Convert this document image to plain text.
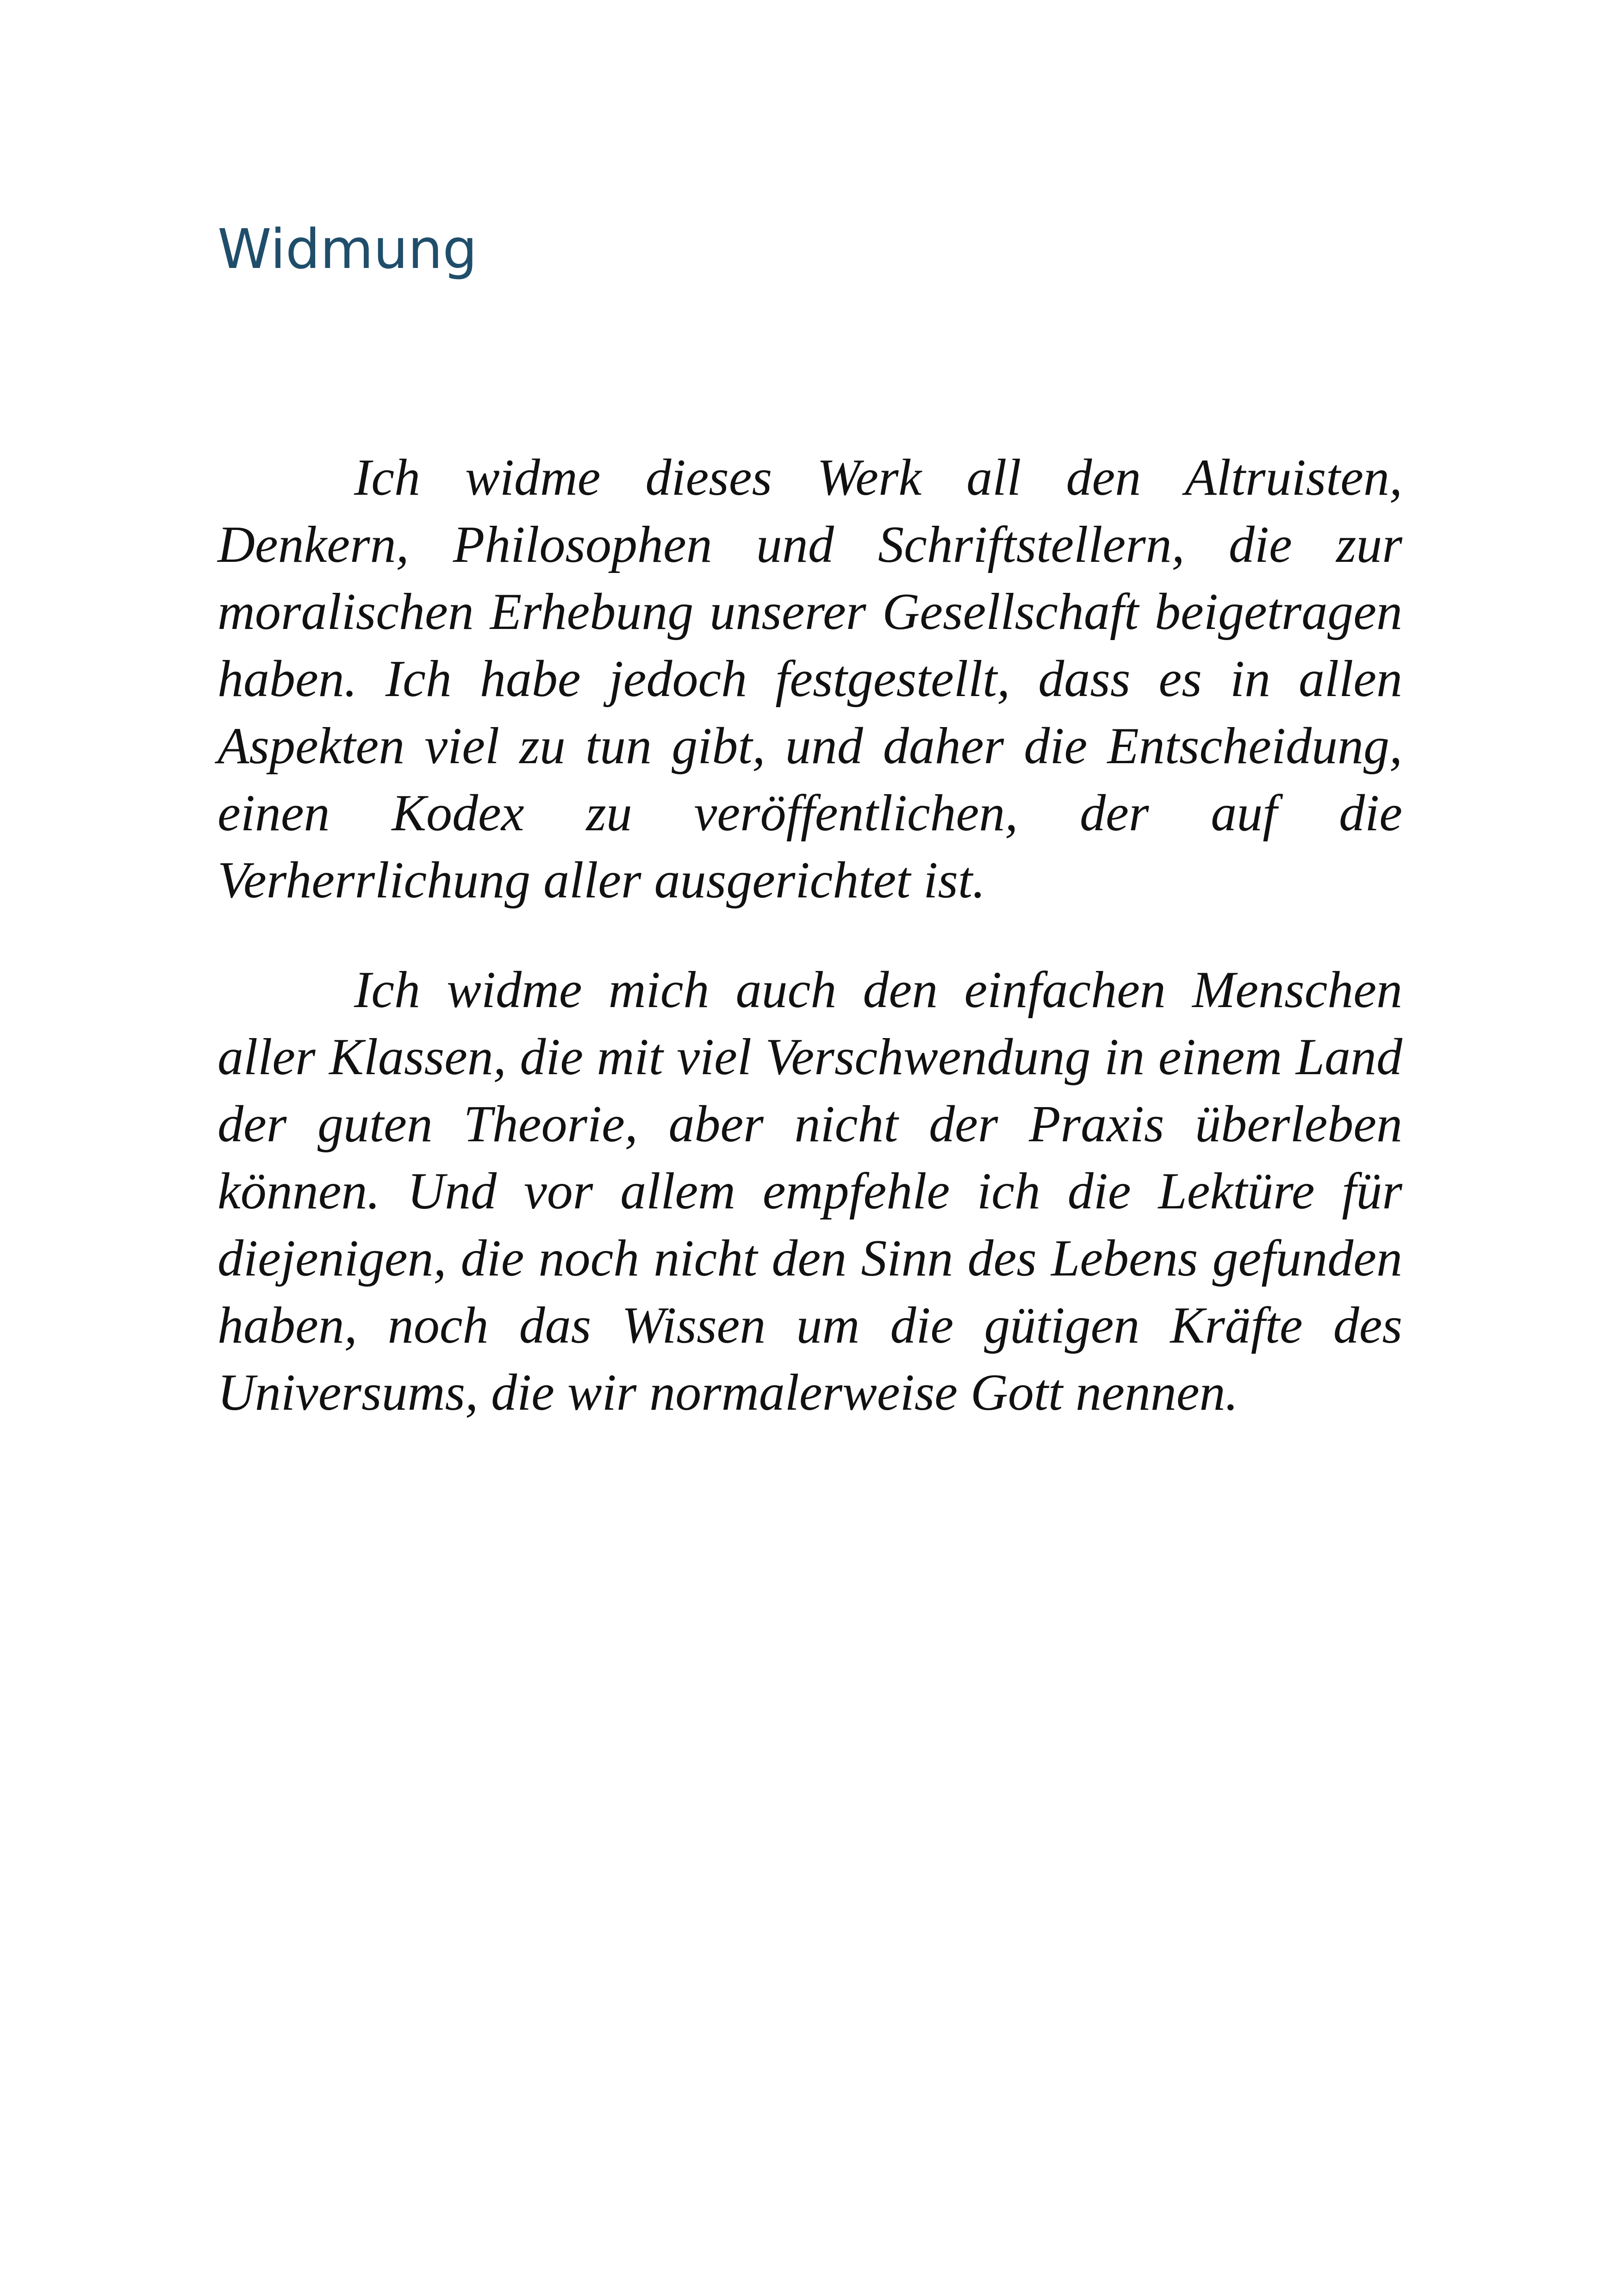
Widmung

Ich widme dieses Werk all den Altruisten, Denkern, Philosophen und Schriftstellern, die zur moralischen Erhebung unserer Gesellschaft beigetragen haben. Ich habe jedoch festgestellt, dass es in allen Aspekten viel zu tun gibt, und daher die Entscheidung, einen Kodex zu veröffentlichen, der auf die Verherrlichung aller ausgerichtet ist.

Ich widme mich auch den einfachen Menschen aller Klassen, die mit viel Verschwendung in einem Land der guten Theorie, aber nicht der Praxis überleben können. Und vor allem empfehle ich die Lektüre für diejenigen, die noch nicht den Sinn des Lebens gefunden haben, noch das Wissen um die gütigen Kräfte des Universums, die wir normalerweise Gott nennen.
